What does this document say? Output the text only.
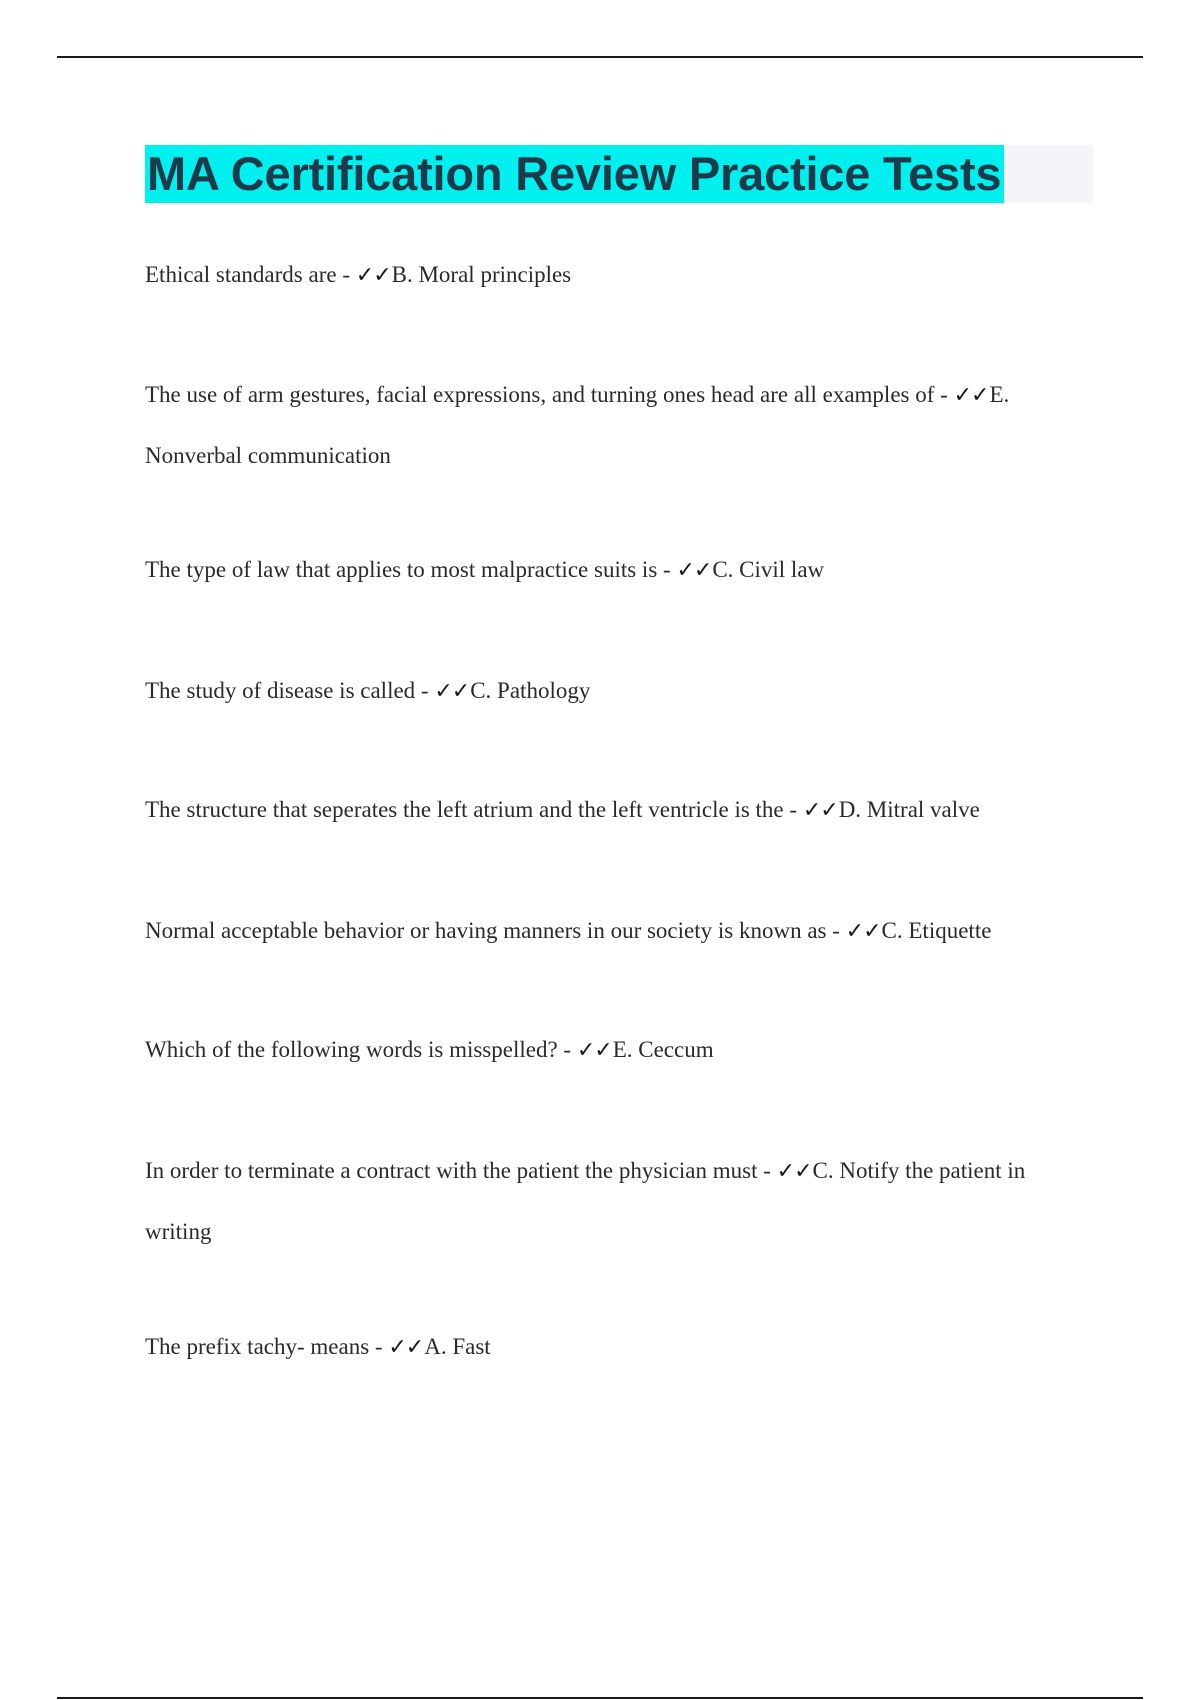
MA Certification Review Practice Tests
Ethical standards are - ✓✓B. Moral principles
The use of arm gestures, facial expressions, and turning ones head are all examples of - ✓✓E. Nonverbal communication
The type of law that applies to most malpractice suits is - ✓✓C. Civil law
The study of disease is called - ✓✓C. Pathology
The structure that seperates the left atrium and the left ventricle is the - ✓✓D. Mitral valve
Normal acceptable behavior or having manners in our society is known as - ✓✓C. Etiquette
Which of the following words is misspelled? - ✓✓E. Ceccum
In order to terminate a contract with the patient the physician must - ✓✓C. Notify the patient in writing
The prefix tachy- means - ✓✓A. Fast
